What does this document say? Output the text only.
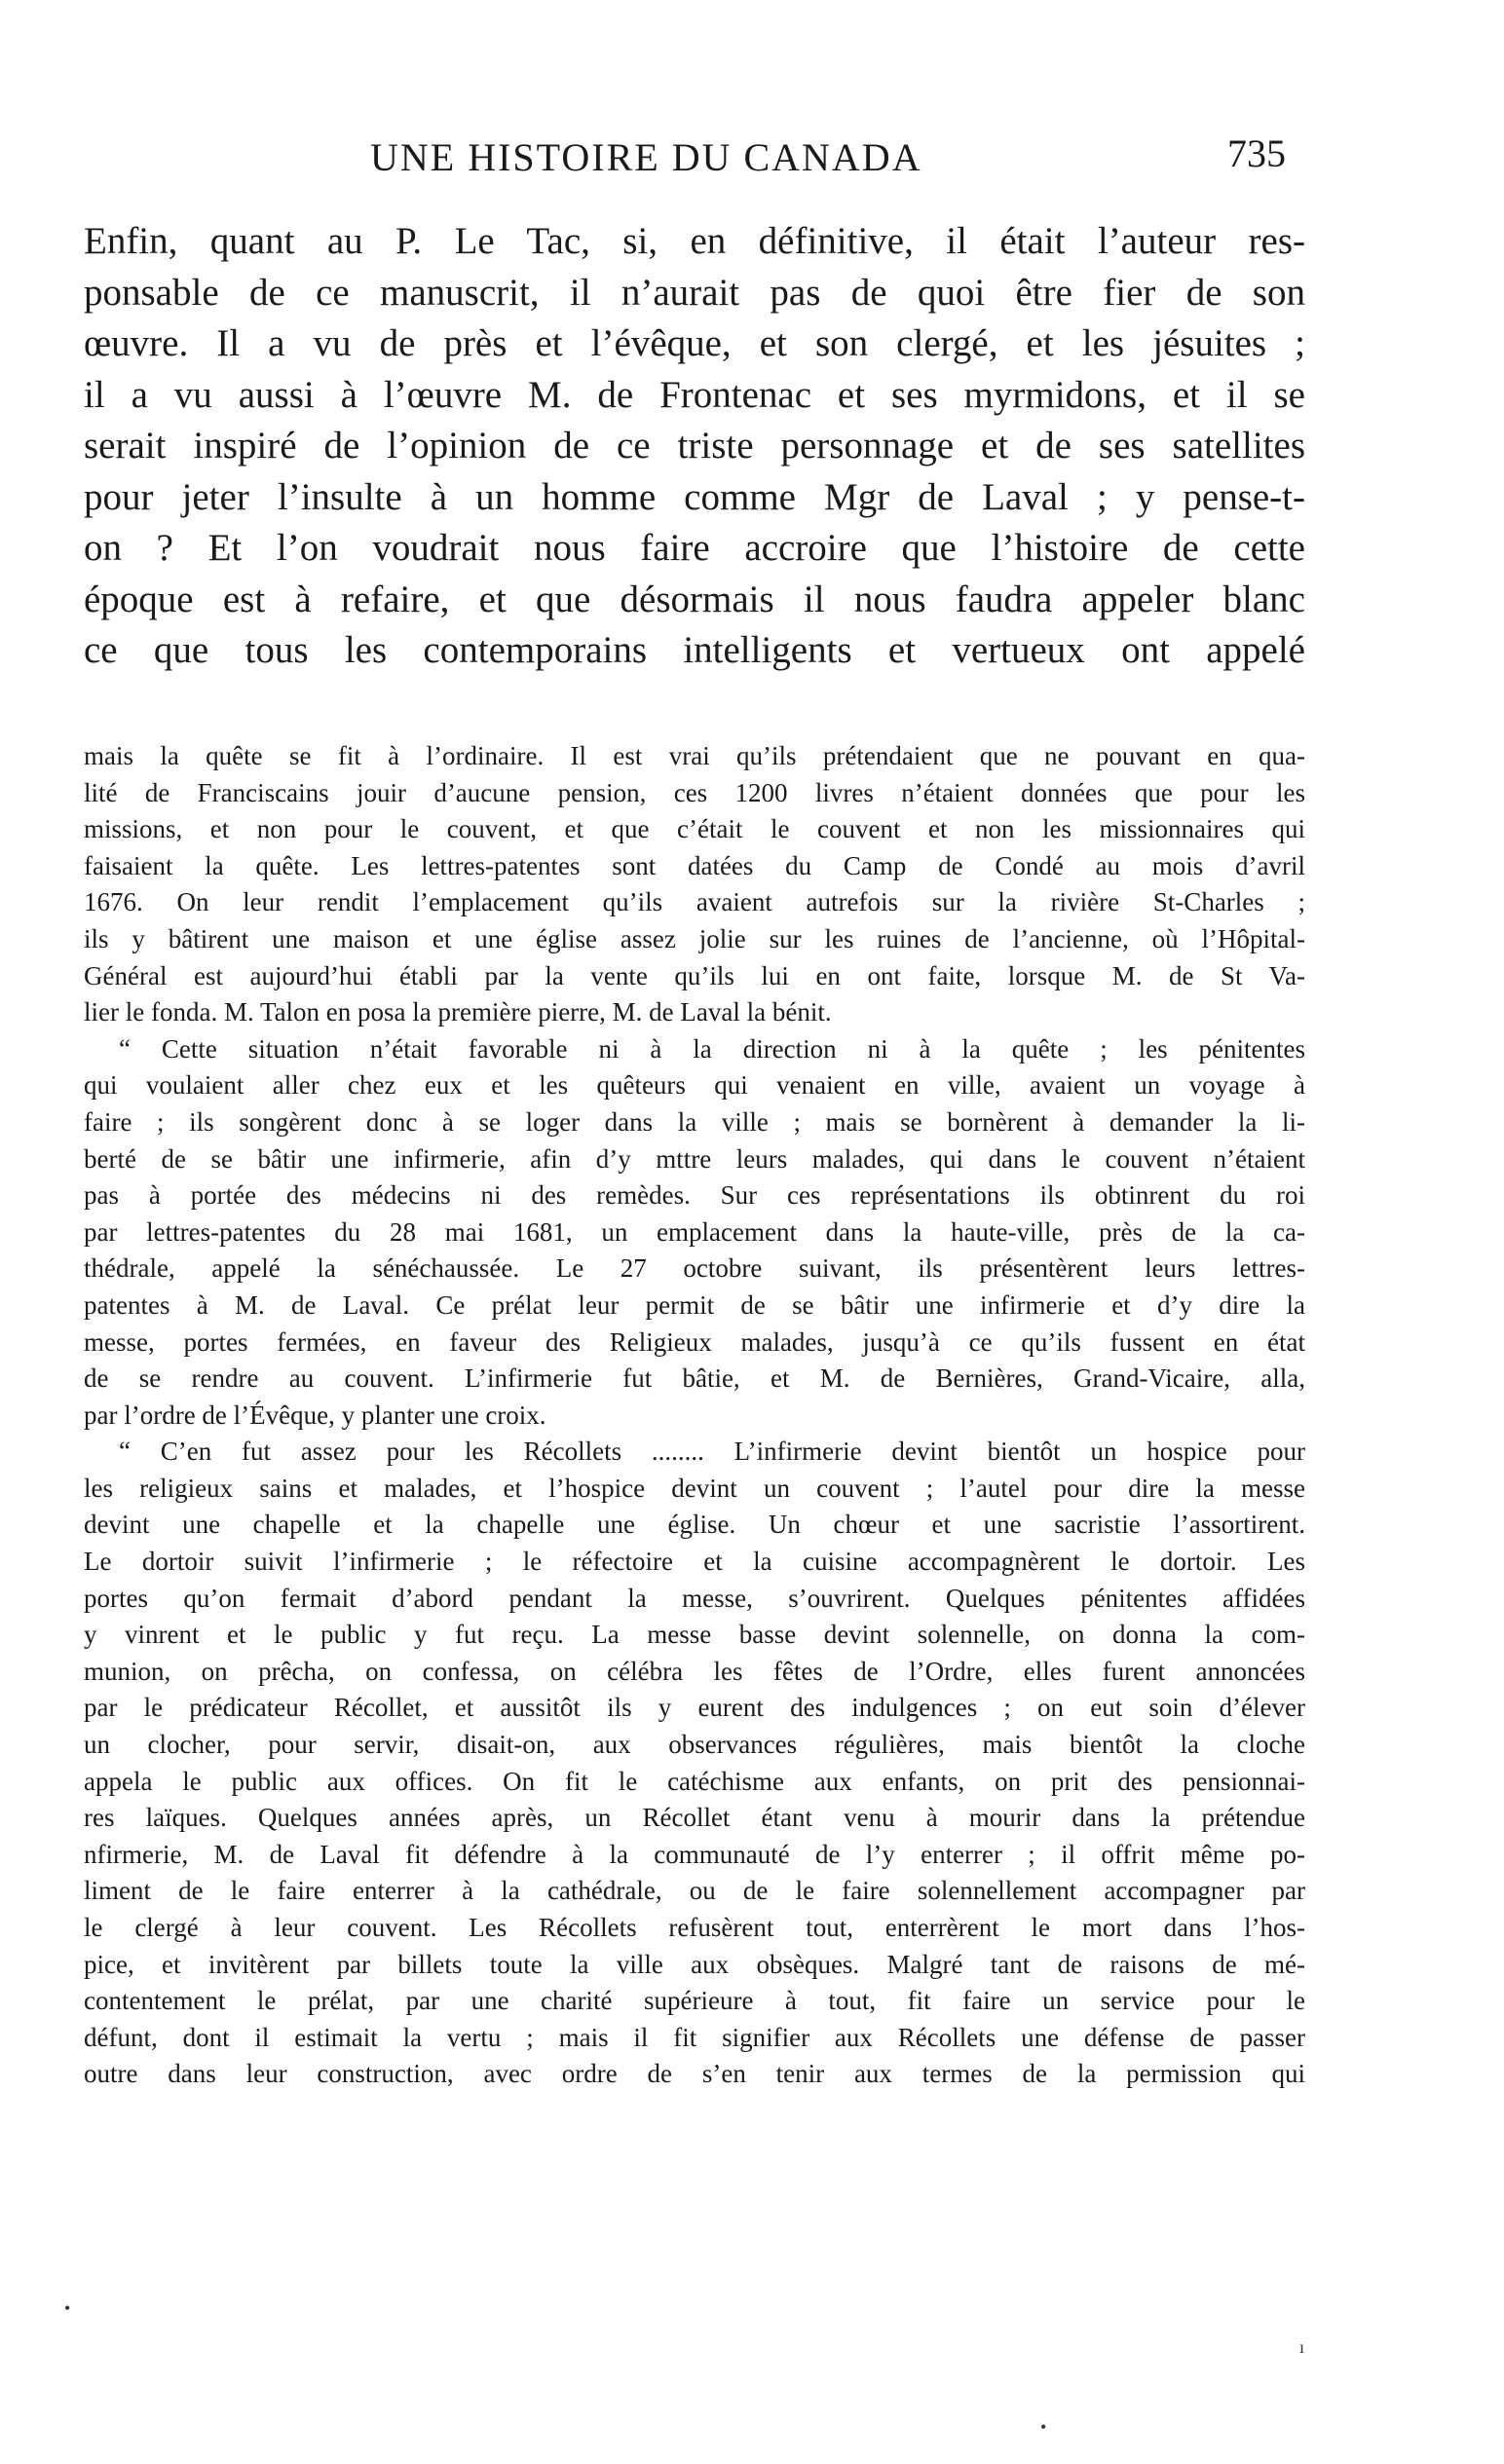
UNE HISTOIRE DU CANADA	735
Enfin, quant au P. Le Tac, si, en définitive, il était l’auteur res-
ponsable de ce manuscrit, il n’aurait pas de quoi être fier de son
œuvre. Il a vu de près et l’évêque, et son clergé, et les jésuites ;
il a vu aussi à l’œuvre M. de Frontenac et ses myrmidons, et il se
serait inspiré de l’opinion de ce triste personnage et de ses satellites
pour jeter l’insulte à un homme comme Mgr de Laval ; y pense-t-
on ? Et l’on voudrait nous faire accroire que l’histoire de cette
époque est à refaire, et que désormais il nous faudra appeler blanc
ce que tous les contemporains intelligents et vertueux ont appelé
mais la quête se fit à l’ordinaire. Il est vrai qu’ils prétendaient que ne pouvant en qua-
lité de Franciscains jouir d’aucune pension, ces 1200 livres n’étaient données que pour les
missions, et non pour le couvent, et que c’était le couvent et non les missionnaires qui
faisaient la quête. Les lettres-patentes sont datées du Camp de Condé au mois d’avril
1676. On leur rendit l’emplacement qu’ils avaient autrefois sur la rivière St-Charles ;
ils y bâtirent une maison et une église assez jolie sur les ruines de l’ancienne, où l’Hôpital-
Général est aujourd’hui établi par la vente qu’ils lui en ont faite, lorsque M. de St Va-
lier le fonda. M. Talon en posa la première pierre, M. de Laval la bénit.
“ Cette situation n’était favorable ni à la direction ni à la quête ; les pénitentes
qui voulaient aller chez eux et les quêteurs qui venaient en ville, avaient un voyage à
faire ; ils songèrent donc à se loger dans la ville ; mais se bornèrent à demander la li-
berté de se bâtir une infirmerie, afin d’y mttre leurs malades, qui dans le couvent n’étaient
pas à portée des médecins ni des remèdes. Sur ces représentations ils obtinrent du roi
par lettres-patentes du 28 mai 1681, un emplacement dans la haute-ville, près de la ca-
thédrale, appelé la sénéchaussée. Le 27 octobre suivant, ils présentèrent leurs lettres-
patentes à M. de Laval. Ce prélat leur permit de se bâtir une infirmerie et d’y dire la
messe, portes fermées, en faveur des Religieux malades, jusqu’à ce qu’ils fussent en état
de se rendre au couvent. L’infirmerie fut bâtie, et M. de Bernières, Grand-Vicaire, alla,
par l’ordre de l’Évêque, y planter une croix.
“ C’en fut assez pour les Récollets ........ L’infirmerie devint bientôt un hospice pour
les religieux sains et malades, et l’hospice devint un couvent ; l’autel pour dire la messe
devint une chapelle et la chapelle une église. Un chœur et une sacristie l’assortirent.
Le dortoir suivit l’infirmerie ; le réfectoire et la cuisine accompagnèrent le dortoir. Les
portes qu’on fermait d’abord pendant la messe, s’ouvrirent. Quelques pénitentes affidées
y vinrent et le public y fut reçu. La messe basse devint solennelle, on donna la com-
munion, on prêcha, on confessa, on célébra les fêtes de l’Ordre, elles furent annoncées
par le prédicateur Récollet, et aussitôt ils y eurent des indulgences ; on eut soin d’élever
un clocher, pour servir, disait-on, aux observances régulières, mais bientôt la cloche
appela le public aux offices. On fit le catéchisme aux enfants, on prit des pensionnai-
res laïques. Quelques années après, un Récollet étant venu à mourir dans la prétendue
nfirmerie, M. de Laval fit défendre à la communauté de l’y enterrer ; il offrit même po-
liment de le faire enterrer à la cathédrale, ou de le faire solennellement accompagner par
le clergé à leur couvent. Les Récollets refusèrent tout, enterrèrent le mort dans l’hos-
pice, et invitèrent par billets toute la ville aux obsèques. Malgré tant de raisons de mé-
contentement le prélat, par une charité supérieure à tout, fit faire un service pour le
défunt, dont il estimait la vertu ; mais il fit signifier aux Récollets une défense de passer
outre dans leur construction, avec ordre de s’en tenir aux termes de la permission qui
•
ı
•
